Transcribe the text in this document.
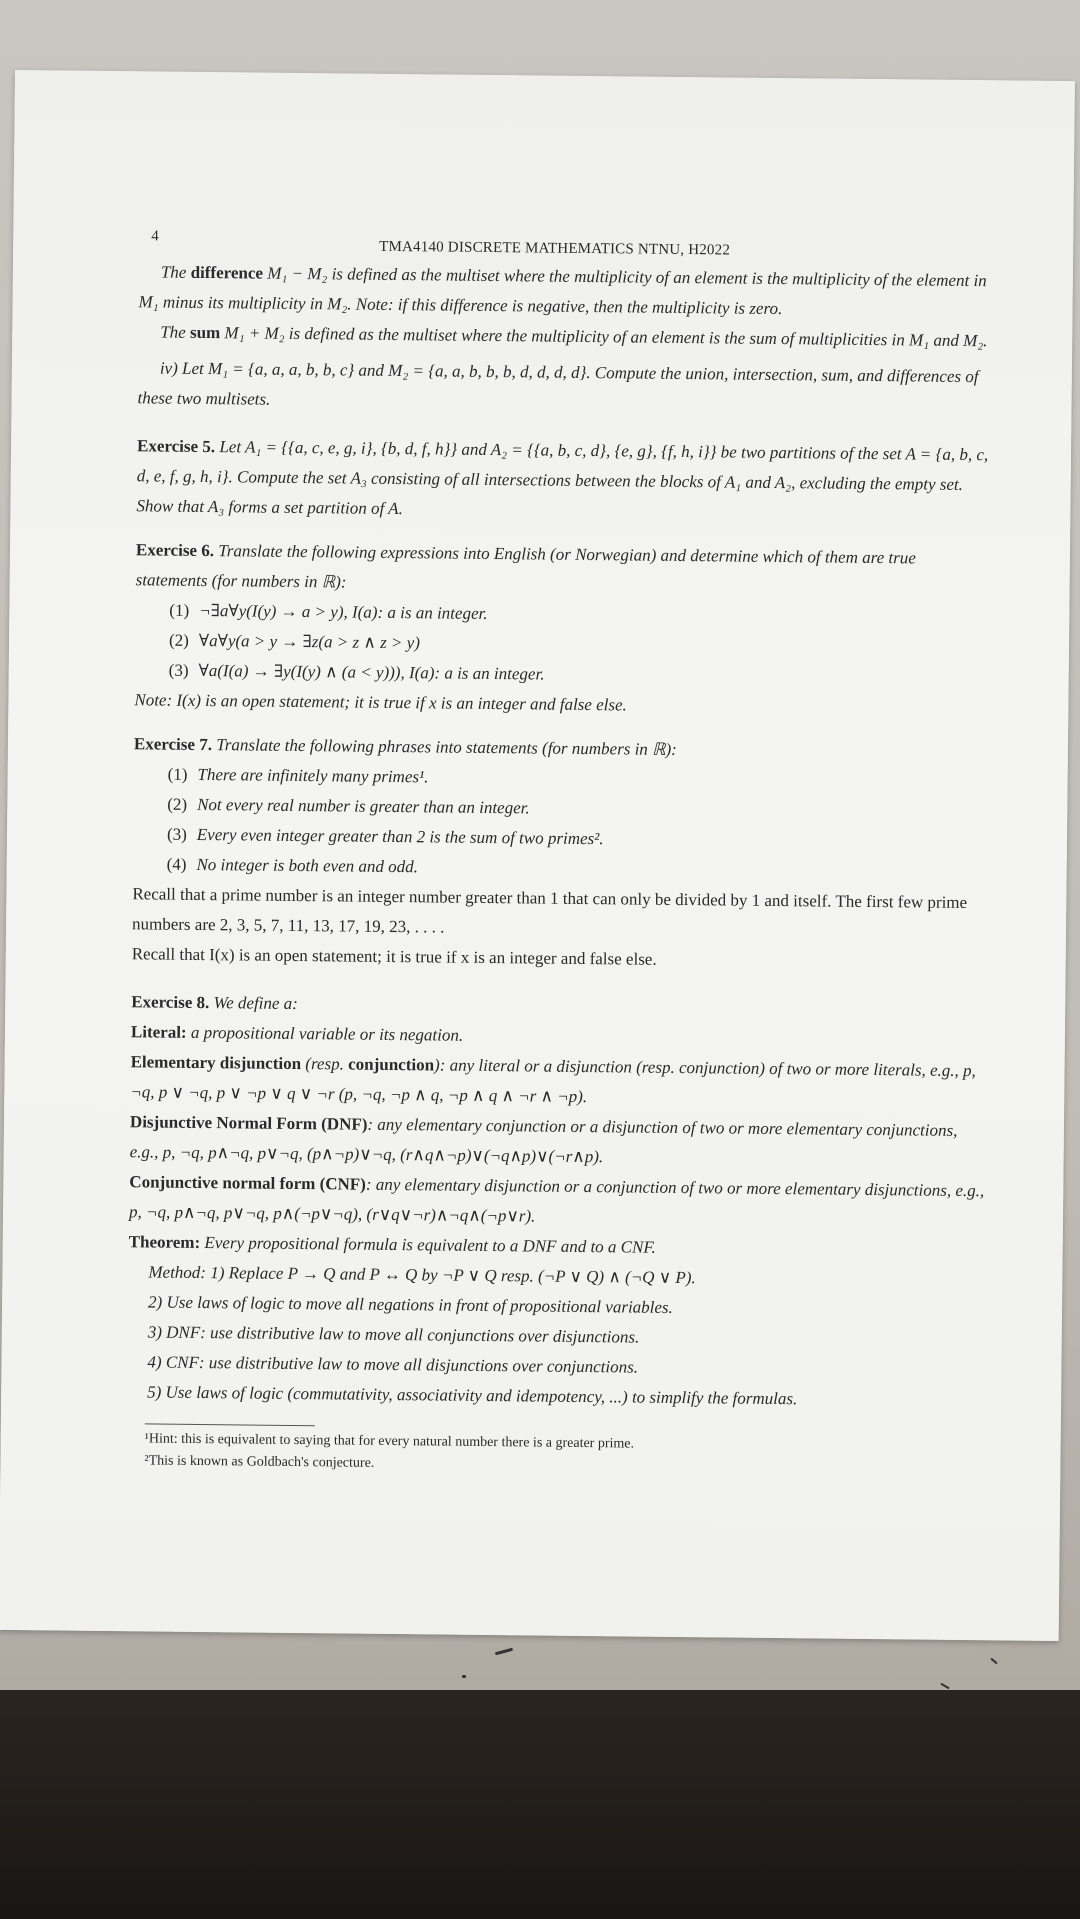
4
TMA4140 DISCRETE MATHEMATICS NTNU, H2022

The difference M₁ − M₂ is defined as the multiset where the multiplicity of an element is the multiplicity of the element in M₁ minus its multiplicity in M₂. Note: if this difference is negative, then the multiplicity is zero.

The sum M₁ + M₂ is defined as the multiset where the multiplicity of an element is the sum of multiplicities in M₁ and M₂.

iv) Let M₁ = {a, a, a, b, b, c} and M₂ = {a, a, b, b, b, d, d, d, d}. Compute the union, intersection, sum, and differences of these two multisets.

Exercise 5. Let A₁ = {{a, c, e, g, i}, {b, d, f, h}} and A₂ = {{a, b, c, d}, {e, g}, {f, h, i}} be two partitions of the set A = {a, b, c, d, e, f, g, h, i}. Compute the set A₃ consisting of all intersections between the blocks of A₁ and A₂, excluding the empty set. Show that A₃ forms a set partition of A.

Exercise 6. Translate the following expressions into English (or Norwegian) and determine which of them are true statements (for numbers in ℝ):

(1) ¬∃a∀y(I(y) → a > y), I(a): a is an integer.
(2) ∀a∀y(a > y → ∃z(a > z ∧ z > y)
(3) ∀a(I(a) → ∃y(I(y) ∧ (a < y))), I(a): a is an integer.

Note: I(x) is an open statement; it is true if x is an integer and false else.

Exercise 7. Translate the following phrases into statements (for numbers in ℝ):

(1) There are infinitely many primes¹.
(2) Not every real number is greater than an integer.
(3) Every even integer greater than 2 is the sum of two primes².
(4) No integer is both even and odd.

Recall that a prime number is an integer number greater than 1 that can only be divided by 1 and itself. The first few prime numbers are 2, 3, 5, 7, 11, 13, 17, 19, 23, . . . .

Recall that I(x) is an open statement; it is true if x is an integer and false else.

Exercise 8. We define a:

Literal: a propositional variable or its negation.

Elementary disjunction (resp. conjunction): any literal or a disjunction (resp. conjunction) of two or more literals, e.g., p, ¬q, p ∨ ¬q, p ∨ ¬p ∨ q ∨ ¬r (p, ¬q, ¬p ∧ q, ¬p ∧ q ∧ ¬r ∧ ¬p).

Disjunctive Normal Form (DNF): any elementary conjunction or a disjunction of two or more elementary conjunctions, e.g., p, ¬q, p∧¬q, p∨¬q, (p∧¬p)∨¬q, (r∧q∧¬p)∨(¬q∧p)∨(¬r∧p).

Conjunctive normal form (CNF): any elementary disjunction or a conjunction of two or more elementary disjunctions, e.g., p, ¬q, p∧¬q, p∨¬q, p∧(¬p∨¬q), (r∨q∨¬r)∧¬q∧(¬p∨r).

Theorem: Every propositional formula is equivalent to a DNF and to a CNF.

Method: 1) Replace P → Q and P ↔ Q by ¬P ∨ Q resp. (¬P ∨ Q) ∧ (¬Q ∨ P).

2) Use laws of logic to move all negations in front of propositional variables.

3) DNF: use distributive law to move all conjunctions over disjunctions.

4) CNF: use distributive law to move all disjunctions over conjunctions.

5) Use laws of logic (commutativity, associativity and idempotency, ...) to simplify the formulas.

¹Hint: this is equivalent to saying that for every natural number there is a greater prime.

²This is known as Goldbach's conjecture.
